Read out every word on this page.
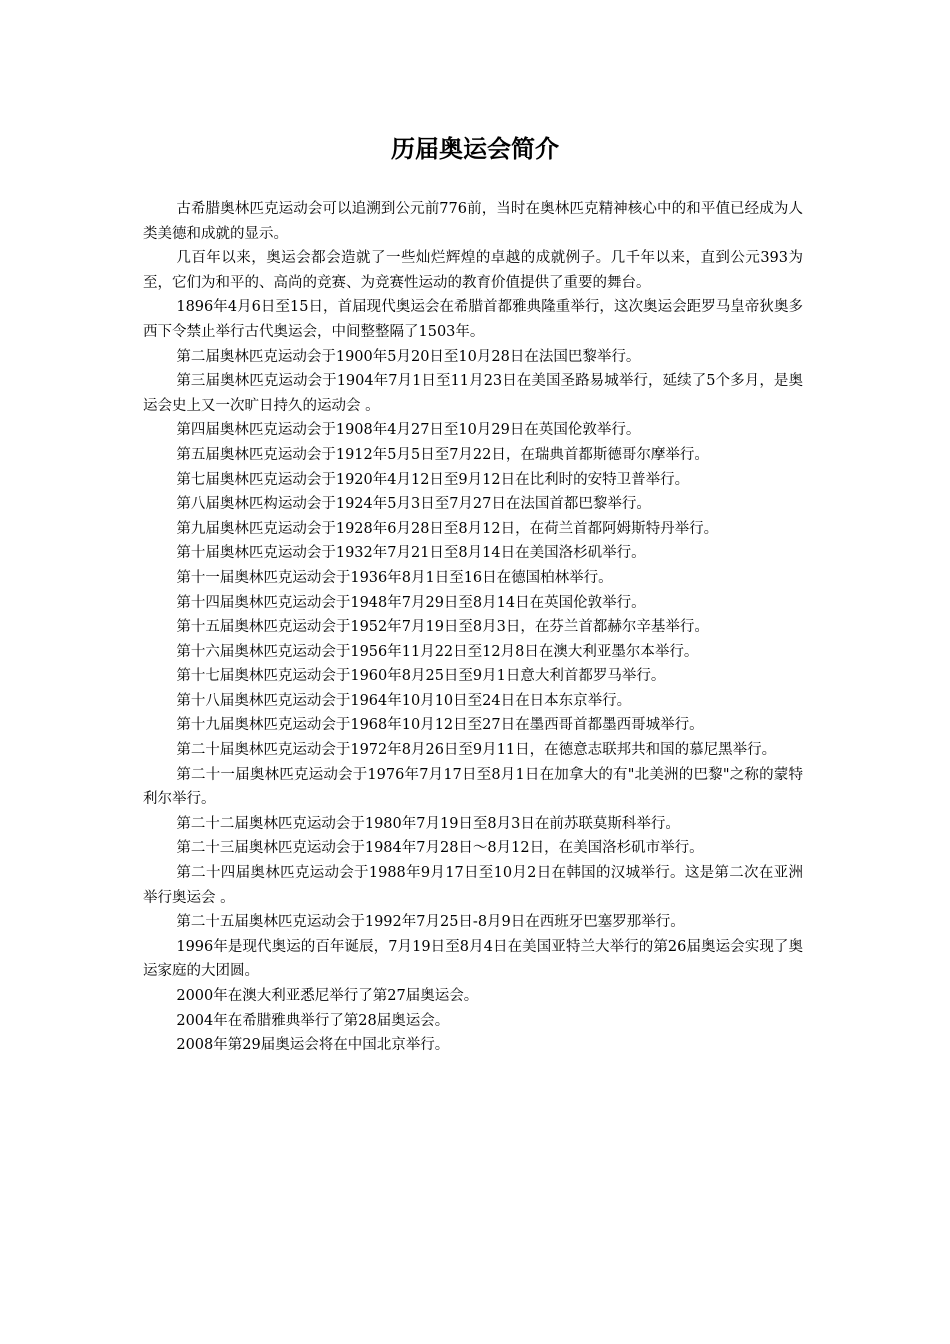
历届奥运会简介

古希腊奥林匹克运动会可以追溯到公元前776前，当时在奥林匹克精神核心中的和平值已经成为人类美德和成就的显示。

几百年以来，奥运会都会造就了一些灿烂辉煌的卓越的成就例子。几千年以来，直到公元393为至，它们为和平的、高尚的竞赛、为竞赛性运动的教育价值提供了重要的舞台。

1896年4月6日至15日，首届现代奥运会在希腊首都雅典隆重举行，这次奥运会距罗马皇帝狄奥多西下令禁止举行古代奥运会，中间整整隔了1503年。

第二届奥林匹克运动会于1900年5月20日至10月28日在法国巴黎举行。

第三届奥林匹克运动会于1904年7月1日至11月23日在美国圣路易城举行，延续了5个多月，是奥运会史上又一次旷日持久的运动会 。

第四届奥林匹克运动会于1908年4月27日至10月29日在英国伦敦举行。

第五届奥林匹克运动会于1912年5月5日至7月22日，在瑞典首都斯德哥尔摩举行。

第七届奥林匹克运动会于1920年4月12日至9月12日在比利时的安特卫普举行。

第八届奥林匹构运动会于1924年5月3日至7月27日在法国首都巴黎举行。

第九届奥林匹克运动会于1928年6月28日至8月12日，在荷兰首都阿姆斯特丹举行。

第十届奥林匹克运动会于1932年7月21日至8月14日在美国洛杉矶举行。

第十一届奥林匹克运动会于1936年8月1日至16日在德国柏林举行。

第十四届奥林匹克运动会于1948年7月29日至8月14日在英国伦敦举行。

第十五届奥林匹克运动会于1952年7月19日至8月3日，在芬兰首都赫尔辛基举行。

第十六届奥林匹克运动会于1956年11月22日至12月8日在澳大利亚墨尔本举行。

第十七届奥林匹克运动会于1960年8月25日至9月1日意大利首都罗马举行。

第十八届奥林匹克运动会于1964年10月10日至24日在日本东京举行。

第十九届奥林匹克运动会于1968年10月12日至27日在墨西哥首都墨西哥城举行。

第二十届奥林匹克运动会于1972年8月26日至9月11日，在德意志联邦共和国的慕尼黑举行。

第二十一届奥林匹克运动会于1976年7月17日至8月1日在加拿大的有"北美洲的巴黎"之称的蒙特利尔举行。

第二十二届奥林匹克运动会于1980年7月19日至8月3日在前苏联莫斯科举行。

第二十三届奥林匹克运动会于1984年7月28日～8月12日，在美国洛杉矶市举行。

第二十四届奥林匹克运动会于1988年9月17日至10月2日在韩国的汉城举行。这是第二次在亚洲举行奥运会 。

第二十五届奥林匹克运动会于1992年7月25日-8月9日在西班牙巴塞罗那举行。

1996年是现代奥运的百年诞辰，7月19日至8月4日在美国亚特兰大举行的第26届奥运会实现了奥运家庭的大团圆。

2000年在澳大利亚悉尼举行了第27届奥运会。

2004年在希腊雅典举行了第28届奥运会。

2008年第29届奥运会将在中国北京举行。
